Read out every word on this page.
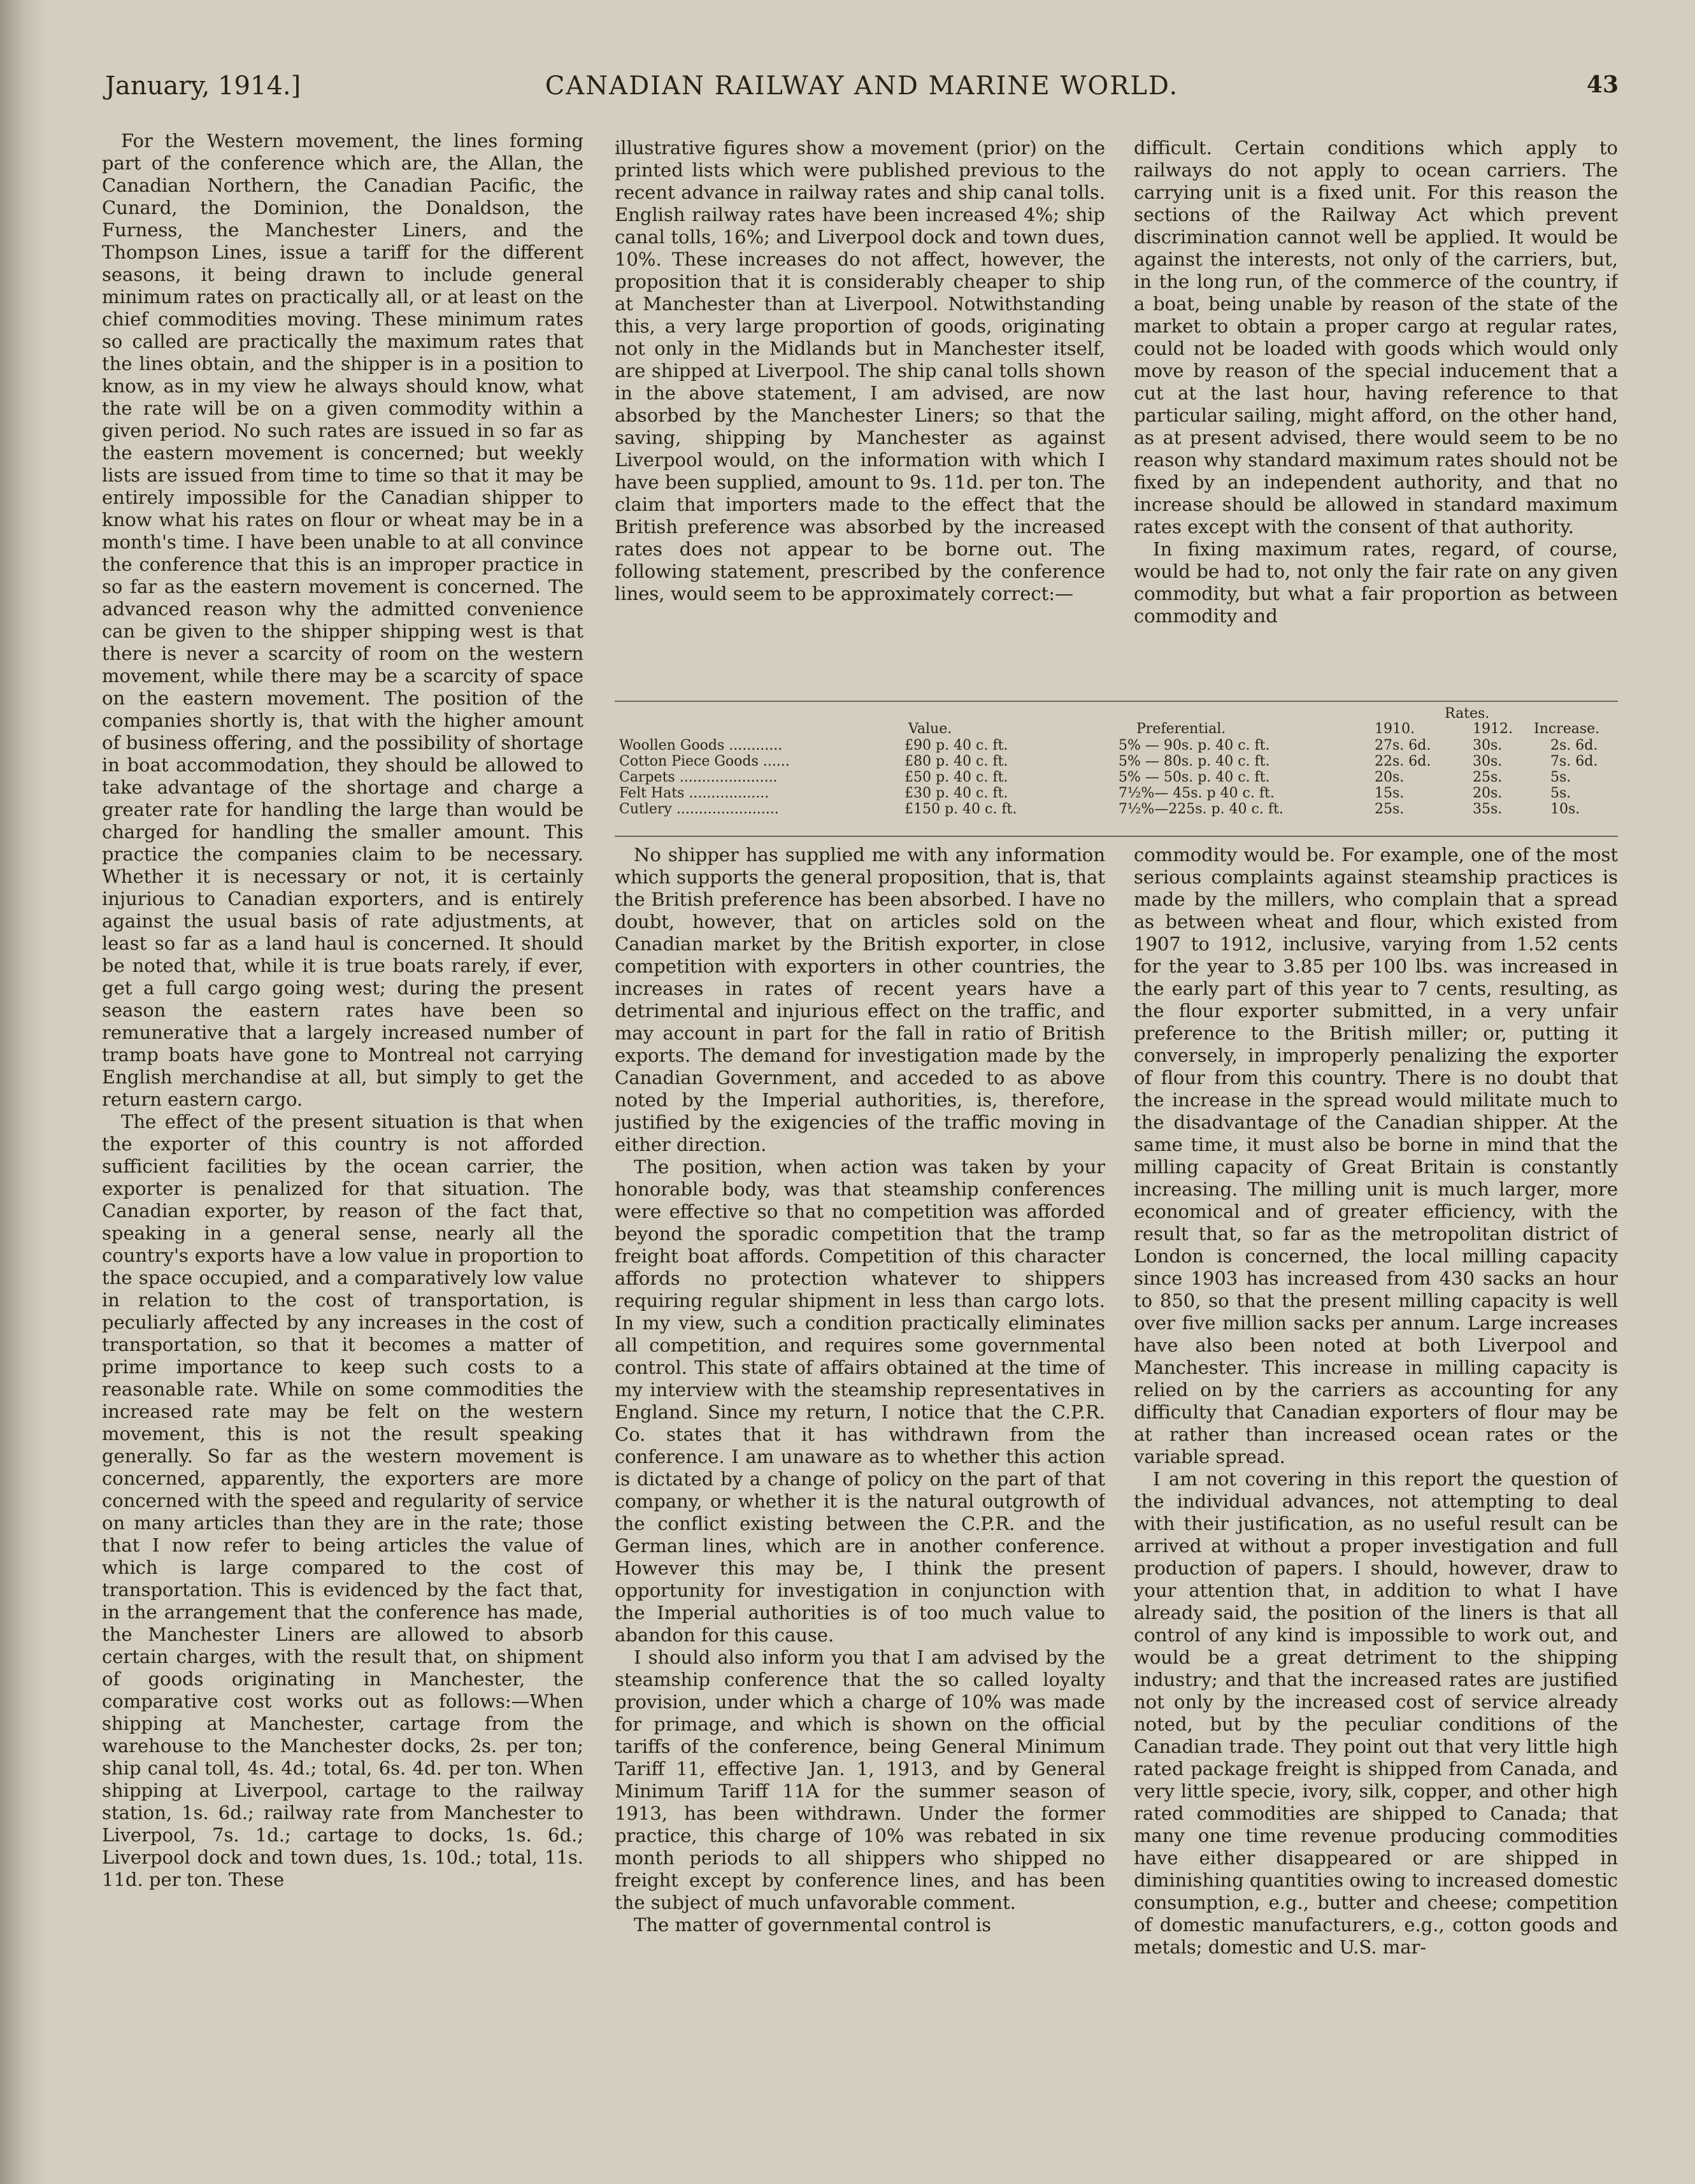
January, 1914.]	CANADIAN RAILWAY AND MARINE WORLD.	43

For the Western movement, the lines forming part of the conference which are, the Allan, the Canadian Northern, the Canadian Pacific, the Cunard, the Dominion, the Donaldson, the Furness, the Manchester Liners, and the Thompson Lines, issue a tariff for the different seasons, it being drawn to include general minimum rates on practically all, or at least on the chief commodities moving. These minimum rates so called are practically the maximum rates that the lines obtain, and the shipper is in a position to know, as in my view he always should know, what the rate will be on a given commodity within a given period. No such rates are issued in so far as the eastern movement is concerned; but weekly lists are issued from time to time so that it may be entirely impossible for the Canadian shipper to know what his rates on flour or wheat may be in a month's time. I have been unable to at all convince the conference that this is an improper practice in so far as the eastern movement is concerned. The advanced reason why the admitted convenience can be given to the shipper shipping west is that there is never a scarcity of room on the western movement, while there may be a scarcity of space on the eastern movement. The position of the companies shortly is, that with the higher amount of business offering, and the possibility of shortage in boat accommodation, they should be allowed to take advantage of the shortage and charge a greater rate for handling the large than would be charged for handling the smaller amount. This practice the companies claim to be necessary. Whether it is necessary or not, it is certainly injurious to Canadian exporters, and is entirely against the usual basis of rate adjustments, at least so far as a land haul is concerned. It should be noted that, while it is true boats rarely, if ever, get a full cargo going west; during the present season the eastern rates have been so remunerative that a largely increased number of tramp boats have gone to Montreal not carrying English merchandise at all, but simply to get the return eastern cargo.

The effect of the present situation is that when the exporter of this country is not afforded sufficient facilities by the ocean carrier, the exporter is penalized for that situation. The Canadian exporter, by reason of the fact that, speaking in a general sense, nearly all the country's exports have a low value in proportion to the space occupied, and a comparatively low value in relation to the cost of transportation, is peculiarly affected by any increases in the cost of transportation, so that it becomes a matter of prime importance to keep such costs to a reasonable rate. While on some commodities the increased rate may be felt on the western movement, this is not the result speaking generally. So far as the western movement is concerned, apparently, the exporters are more concerned with the speed and regularity of service on many articles than they are in the rate; those that I now refer to being articles the value of which is large compared to the cost of transportation. This is evidenced by the fact that, in the arrangement that the conference has made, the Manchester Liners are allowed to absorb certain charges, with the result that, on shipment of goods originating in Manchester, the comparative cost works out as follows:—When shipping at Manchester, cartage from the warehouse to the Manchester docks, 2s. per ton; ship canal toll, 4s. 4d.; total, 6s. 4d. per ton. When shipping at Liverpool, cartage to the railway station, 1s. 6d.; railway rate from Manchester to Liverpool, 7s. 1d.; cartage to docks, 1s. 6d.; Liverpool dock and town dues, 1s. 10d.; total, 11s. 11d. per ton. These

illustrative figures show a movement (prior) on the printed lists which were published previous to the recent advance in railway rates and ship canal tolls. English railway rates have been increased 4%; ship canal tolls, 16%; and Liverpool dock and town dues, 10%. These increases do not affect, however, the proposition that it is considerably cheaper to ship at Manchester than at Liverpool. Notwithstanding this, a very large proportion of goods, originating not only in the Midlands but in Manchester itself, are shipped at Liverpool. The ship canal tolls shown in the above statement, I am advised, are now absorbed by the Manchester Liners; so that the saving, shipping by Manchester as against Liverpool would, on the information with which I have been supplied, amount to 9s. 11d. per ton. The claim that importers made to the effect that the British preference was absorbed by the increased rates does not appear to be borne out. The following statement, prescribed by the conference lines, would seem to be approximately correct:—

difficult. Certain conditions which apply to railways do not apply to ocean carriers. The carrying unit is a fixed unit. For this reason the sections of the Railway Act which prevent discrimination cannot well be applied. It would be against the interests, not only of the carriers, but, in the long run, of the commerce of the country, if a boat, being unable by reason of the state of the market to obtain a proper cargo at regular rates, could not be loaded with goods which would only move by reason of the special inducement that a cut at the last hour, having reference to that particular sailing, might afford, on the other hand, as at present advised, there would seem to be no reason why standard maximum rates should not be fixed by an independent authority, and that no increase should be allowed in standard maximum rates except with the consent of that authority.

In fixing maximum rates, regard, of course, would be had to, not only the fair rate on any given commodity, but what a fair proportion as between commodity and

Rates.
Value.	Preferential.	1910.	1912. Increase.
Woollen Goods ............	£90 p. 40 c. ft.	5% — 90s. p. 40 c. ft.	27s. 6d.	30s.	2s. 6d.
Cotton Piece Goods ......	£80 p. 40 c. ft.	5% — 80s. p. 40 c. ft.	22s. 6d.	30s.	7s. 6d.
Carpets ......................	£50 p. 40 c. ft.	5% — 50s. p. 40 c. ft.	20s.	25s.	5s.
Felt Hats ..................	£30 p. 40 c. ft.	7½%— 45s. p 40 c. ft.	15s.	20s.	5s.
Cutlery .......................	£150 p. 40 c. ft.	7½%—225s. p. 40 c. ft.	25s.	35s.	10s.

No shipper has supplied me with any information which supports the general proposition, that is, that the British preference has been absorbed. I have no doubt, however, that on articles sold on the Canadian market by the British exporter, in close competition with exporters in other countries, the increases in rates of recent years have a detrimental and injurious effect on the traffic, and may account in part for the fall in ratio of British exports. The demand for investigation made by the Canadian Government, and acceded to as above noted by the Imperial authorities, is, therefore, justified by the exigencies of the traffic moving in either direction.

The position, when action was taken by your honorable body, was that steamship conferences were effective so that no competition was afforded beyond the sporadic competition that the tramp freight boat affords. Competition of this character affords no protection whatever to shippers requiring regular shipment in less than cargo lots. In my view, such a condition practically eliminates all competition, and requires some governmental control. This state of affairs obtained at the time of my interview with the steamship representatives in England. Since my return, I notice that the C.P.R. Co. states that it has withdrawn from the conference. I am unaware as to whether this action is dictated by a change of policy on the part of that company, or whether it is the natural outgrowth of the conflict existing between the C.P.R. and the German lines, which are in another conference. However this may be, I think the present opportunity for investigation in conjunction with the Imperial authorities is of too much value to abandon for this cause.

I should also inform you that I am advised by the steamship conference that the so called loyalty provision, under which a charge of 10% was made for primage, and which is shown on the official tariffs of the conference, being General Minimum Tariff 11, effective Jan. 1, 1913, and by General Minimum Tariff 11A for the summer season of 1913, has been withdrawn. Under the former practice, this charge of 10% was rebated in six month periods to all shippers who shipped no freight except by conference lines, and has been the subject of much unfavorable comment.

The matter of governmental control is

commodity would be. For example, one of the most serious complaints against steamship practices is made by the millers, who complain that a spread as between wheat and flour, which existed from 1907 to 1912, inclusive, varying from 1.52 cents for the year to 3.85 per 100 lbs. was increased in the early part of this year to 7 cents, resulting, as the flour exporter submitted, in a very unfair preference to the British miller; or, putting it conversely, in improperly penalizing the exporter of flour from this country. There is no doubt that the increase in the spread would militate much to the disadvantage of the Canadian shipper. At the same time, it must also be borne in mind that the milling capacity of Great Britain is constantly increasing. The milling unit is much larger, more economical and of greater efficiency, with the result that, so far as the metropolitan district of London is concerned, the local milling capacity since 1903 has increased from 430 sacks an hour to 850, so that the present milling capacity is well over five million sacks per annum. Large increases have also been noted at both Liverpool and Manchester. This increase in milling capacity is relied on by the carriers as accounting for any difficulty that Canadian exporters of flour may be at rather than increased ocean rates or the variable spread.

I am not covering in this report the question of the individual advances, not attempting to deal with their justification, as no useful result can be arrived at without a proper investigation and full production of papers. I should, however, draw to your attention that, in addition to what I have already said, the position of the liners is that all control of any kind is impossible to work out, and would be a great detriment to the shipping industry; and that the increased rates are justified not only by the increased cost of service already noted, but by the peculiar conditions of the Canadian trade. They point out that very little high rated package freight is shipped from Canada, and very little specie, ivory, silk, copper, and other high rated commodities are shipped to Canada; that many one time revenue producing commodities have either disappeared or are shipped in diminishing quantities owing to increased domestic consumption, e.g., butter and cheese; competition of domestic manufacturers, e.g., cotton goods and metals; domestic and U.S. mar-
